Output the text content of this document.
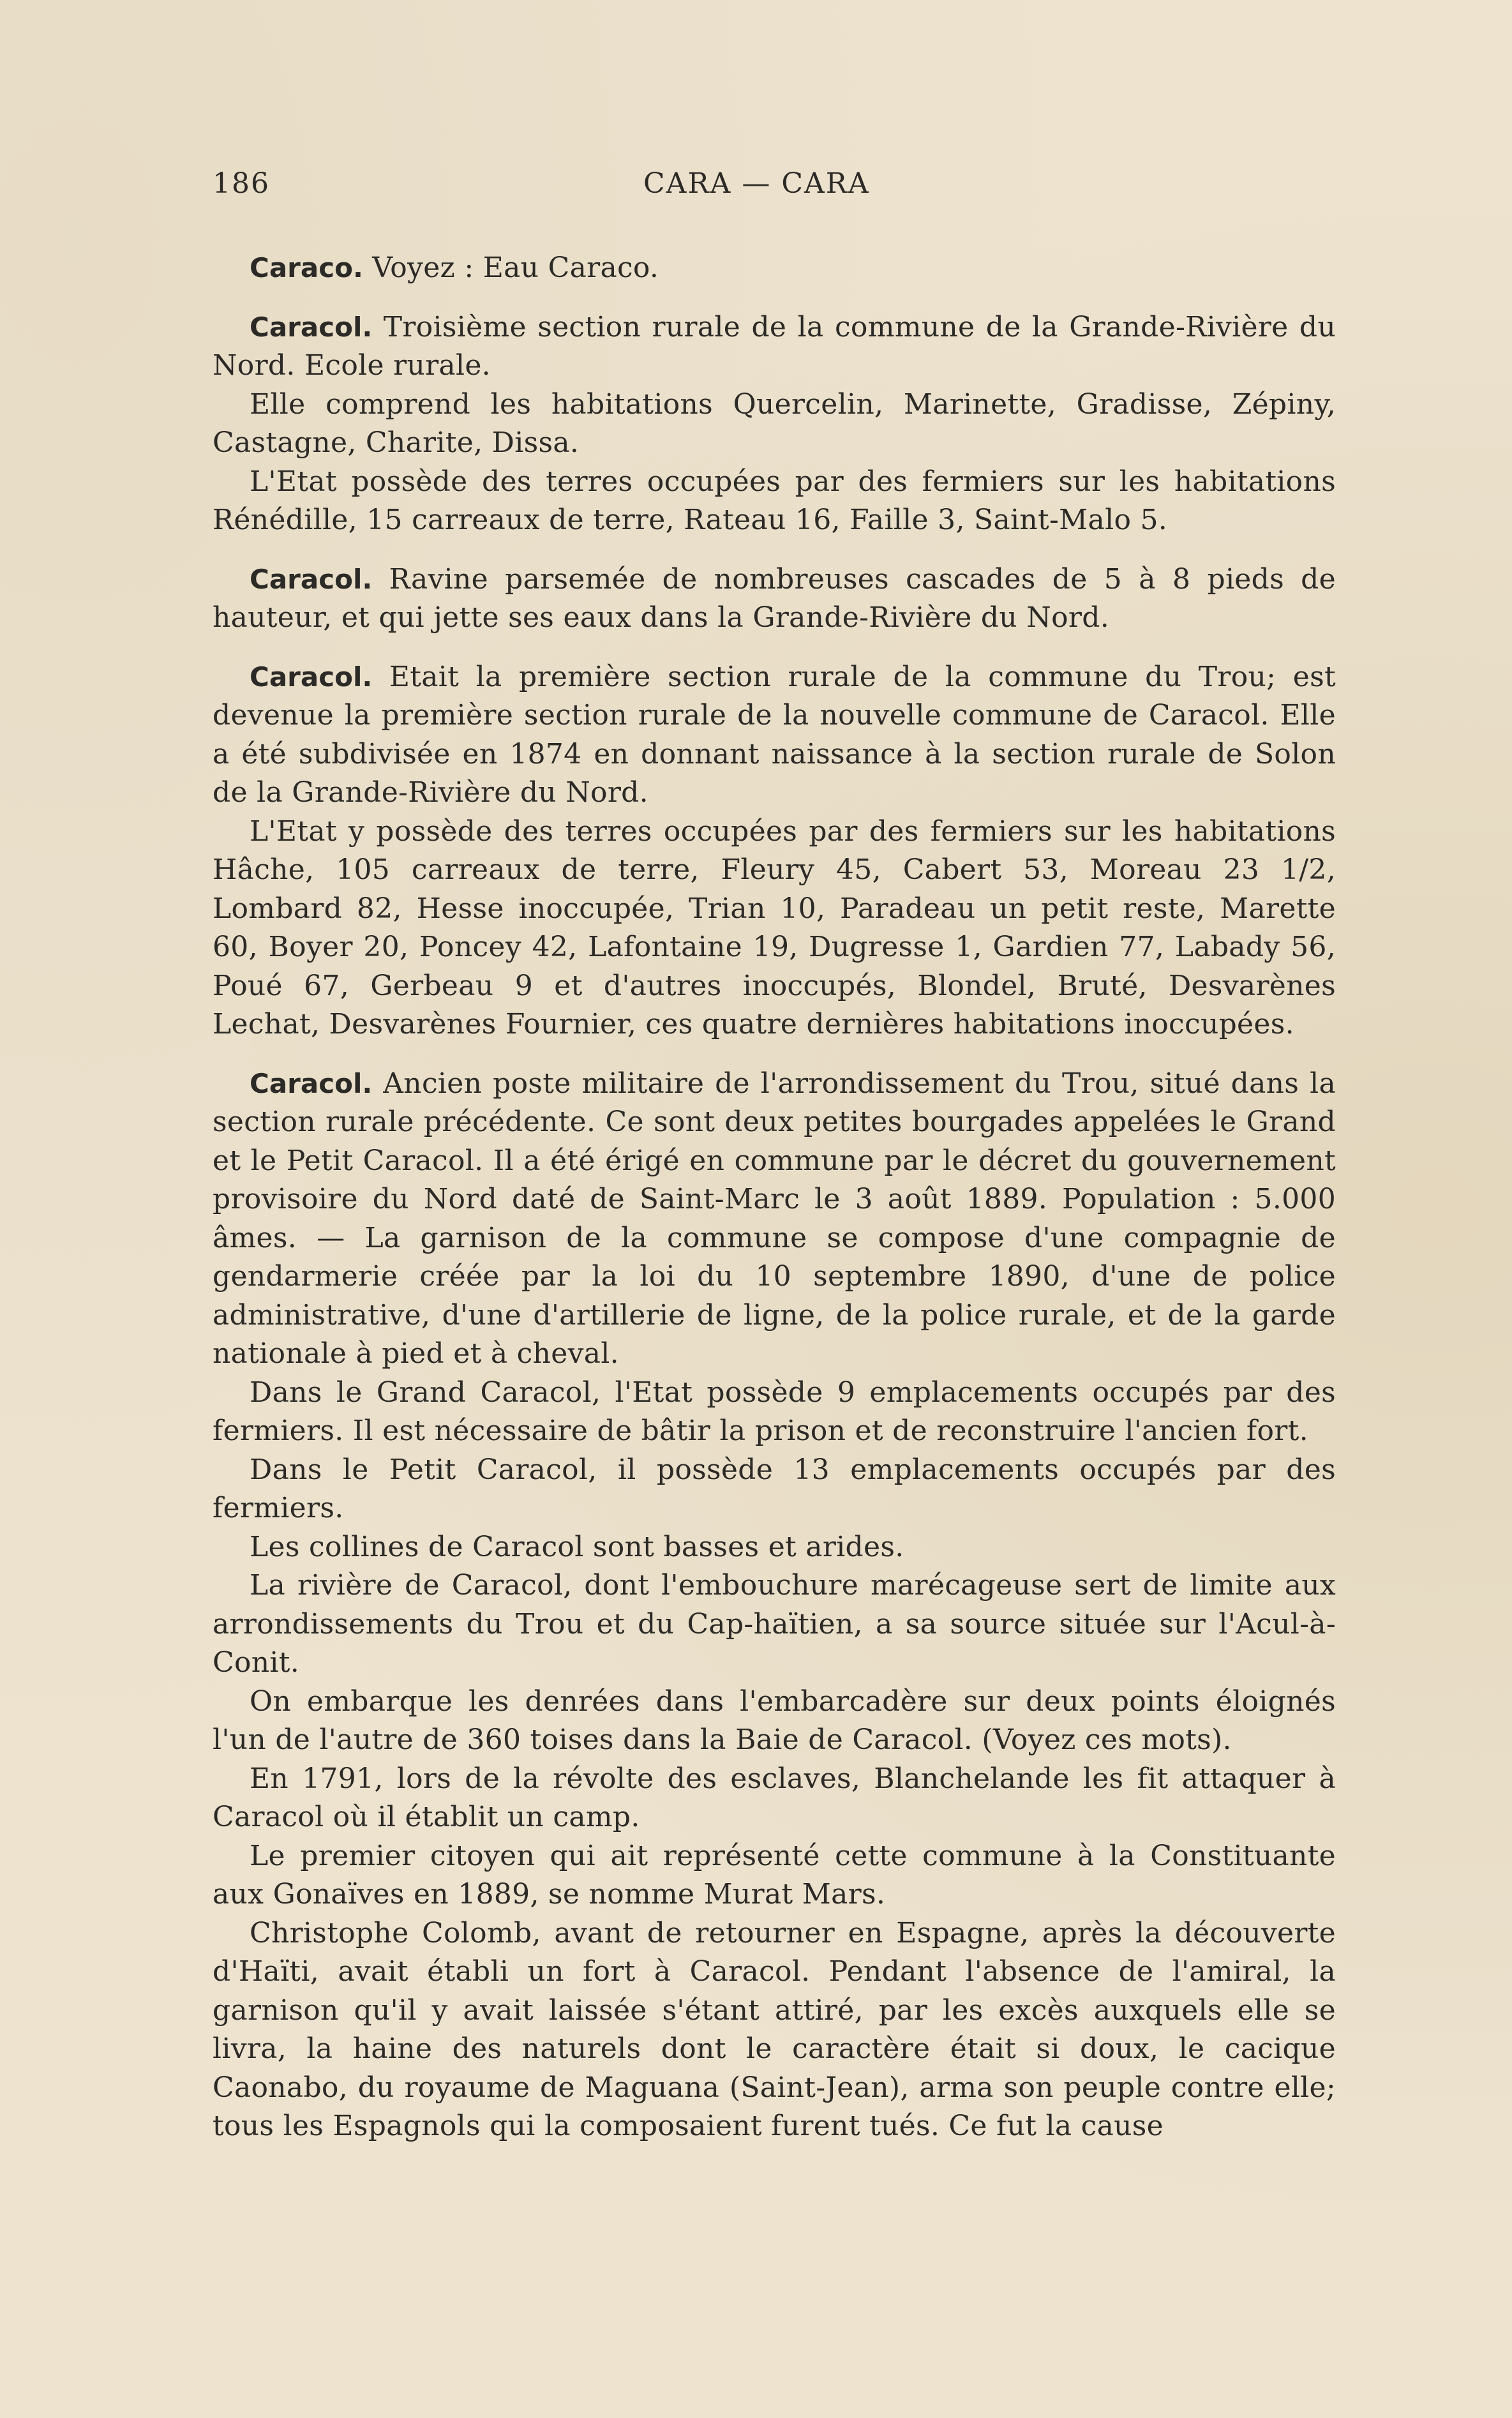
186	CARA — CARA

Caraco. Voyez : Eau Caraco.

Caracol. Troisième section rurale de la commune de la Grande-Rivière du Nord. Ecole rurale.

Elle comprend les habitations Quercelin, Marinette, Gradisse, Zépiny, Castagne, Charite, Dissa.

L'Etat possède des terres occupées par des fermiers sur les habitations Rénédille, 15 carreaux de terre, Rateau 16, Faille 3, Saint-Malo 5.

Caracol. Ravine parsemée de nombreuses cascades de 5 à 8 pieds de hauteur, et qui jette ses eaux dans la Grande-Rivière du Nord.

Caracol. Etait la première section rurale de la commune du Trou; est devenue la première section rurale de la nouvelle commune de Caracol. Elle a été subdivisée en 1874 en donnant naissance à la section rurale de Solon de la Grande-Rivière du Nord.

L'Etat y possède des terres occupées par des fermiers sur les habitations Hâche, 105 carreaux de terre, Fleury 45, Cabert 53, Moreau 23 1/2, Lombard 82, Hesse inoccupée, Trian 10, Paradeau un petit reste, Marette 60, Boyer 20, Poncey 42, Lafontaine 19, Dugresse 1, Gardien 77, Labady 56, Poué 67, Gerbeau 9 et d'autres inoccupés, Blondel, Bruté, Desvarènes Lechat, Desvarènes Fournier, ces quatre dernières habitations inoccupées.

Caracol. Ancien poste militaire de l'arrondissement du Trou, situé dans la section rurale précédente. Ce sont deux petites bourgades appelées le Grand et le Petit Caracol. Il a été érigé en commune par le décret du gouvernement provisoire du Nord daté de Saint-Marc le 3 août 1889. Population : 5.000 âmes. — La garnison de la commune se compose d'une compagnie de gendarmerie créée par la loi du 10 septembre 1890, d'une de police administrative, d'une d'artillerie de ligne, de la police rurale, et de la garde nationale à pied et à cheval.

Dans le Grand Caracol, l'Etat possède 9 emplacements occupés par des fermiers. Il est nécessaire de bâtir la prison et de reconstruire l'ancien fort.

Dans le Petit Caracol, il possède 13 emplacements occupés par des fermiers.

Les collines de Caracol sont basses et arides.

La rivière de Caracol, dont l'embouchure marécageuse sert de limite aux arrondissements du Trou et du Cap-haïtien, a sa source située sur l'Acul-à-Conit.

On embarque les denrées dans l'embarcadère sur deux points éloignés l'un de l'autre de 360 toises dans la Baie de Caracol. (Voyez ces mots).

En 1791, lors de la révolte des esclaves, Blanchelande les fit attaquer à Caracol où il établit un camp.

Le premier citoyen qui ait représenté cette commune à la Constituante aux Gonaïves en 1889, se nomme Murat Mars.

Christophe Colomb, avant de retourner en Espagne, après la découverte d'Haïti, avait établi un fort à Caracol. Pendant l'absence de l'amiral, la garnison qu'il y avait laissée s'étant attiré, par les excès auxquels elle se livra, la haine des naturels dont le caractère était si doux, le cacique Caonabo, du royaume de Maguana (Saint-Jean), arma son peuple contre elle; tous les Espagnols qui la composaient furent tués. Ce fut la cause
